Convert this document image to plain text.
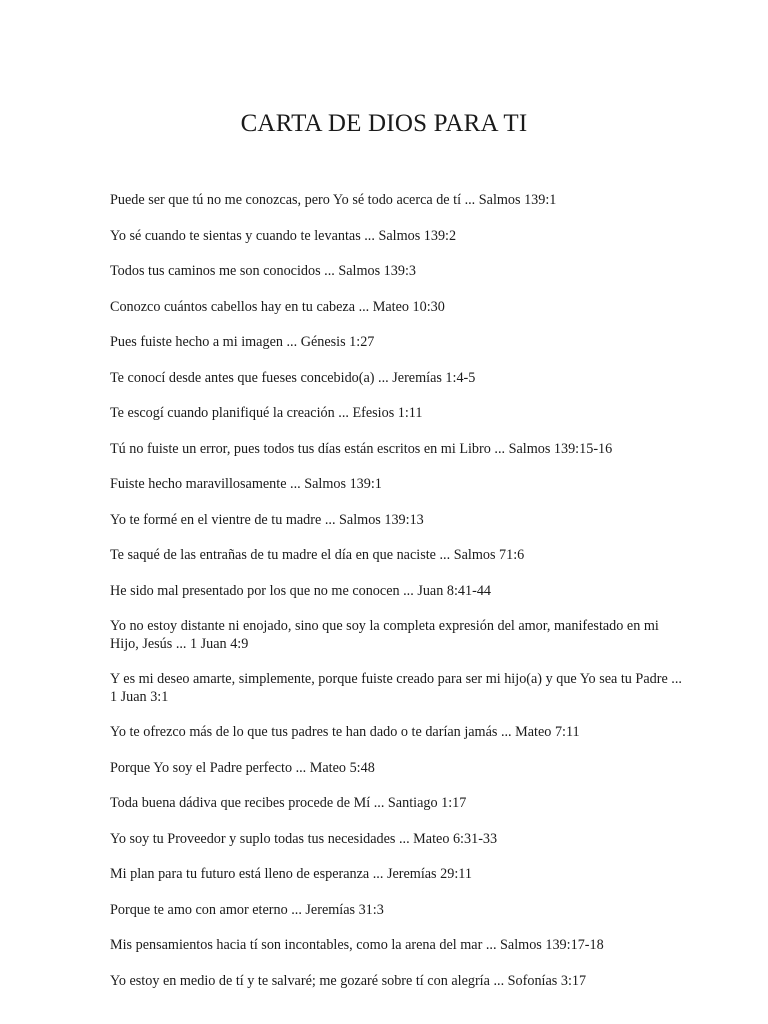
CARTA DE DIOS PARA TI
Puede ser que tú no me conozcas, pero Yo sé todo acerca de tí ... Salmos 139:1
Yo sé cuando te sientas y cuando te levantas ... Salmos 139:2
Todos tus caminos me son conocidos ... Salmos 139:3
Conozco cuántos cabellos hay en tu cabeza ... Mateo 10:30
Pues fuiste hecho a mi imagen ... Génesis 1:27
Te conocí desde antes que fueses concebido(a) ... Jeremías 1:4-5
Te escogí cuando planifiqué la creación ... Efesios 1:11
Tú no fuiste un error, pues todos tus días están escritos en mi Libro ... Salmos 139:15-16
Fuiste hecho maravillosamente ... Salmos 139:1
Yo te formé en el vientre de tu madre ... Salmos 139:13
Te saqué de las entrañas de tu madre el día en que naciste ... Salmos 71:6
He sido mal presentado por los que no me conocen ... Juan 8:41-44
Yo no estoy distante ni enojado, sino que soy la completa expresión del amor, manifestado en mi Hijo, Jesús ... 1 Juan 4:9
Y es mi deseo amarte, simplemente, porque fuiste creado para ser mi hijo(a) y que Yo sea tu Padre ... 1 Juan 3:1
Yo te ofrezco más de lo que tus padres te han dado o te darían jamás ... Mateo 7:11
Porque Yo soy el Padre perfecto ... Mateo 5:48
Toda buena dádiva que recibes procede de Mí ... Santiago 1:17
Yo soy tu Proveedor y suplo todas tus necesidades ... Mateo 6:31-33
Mi plan para tu futuro está lleno de esperanza ... Jeremías 29:11
Porque te amo con amor eterno ... Jeremías 31:3
Mis pensamientos hacia tí son incontables, como la arena del mar ... Salmos 139:17-18
Yo estoy en medio de tí y te salvaré; me gozaré sobre tí con alegría ... Sofonías 3:17
